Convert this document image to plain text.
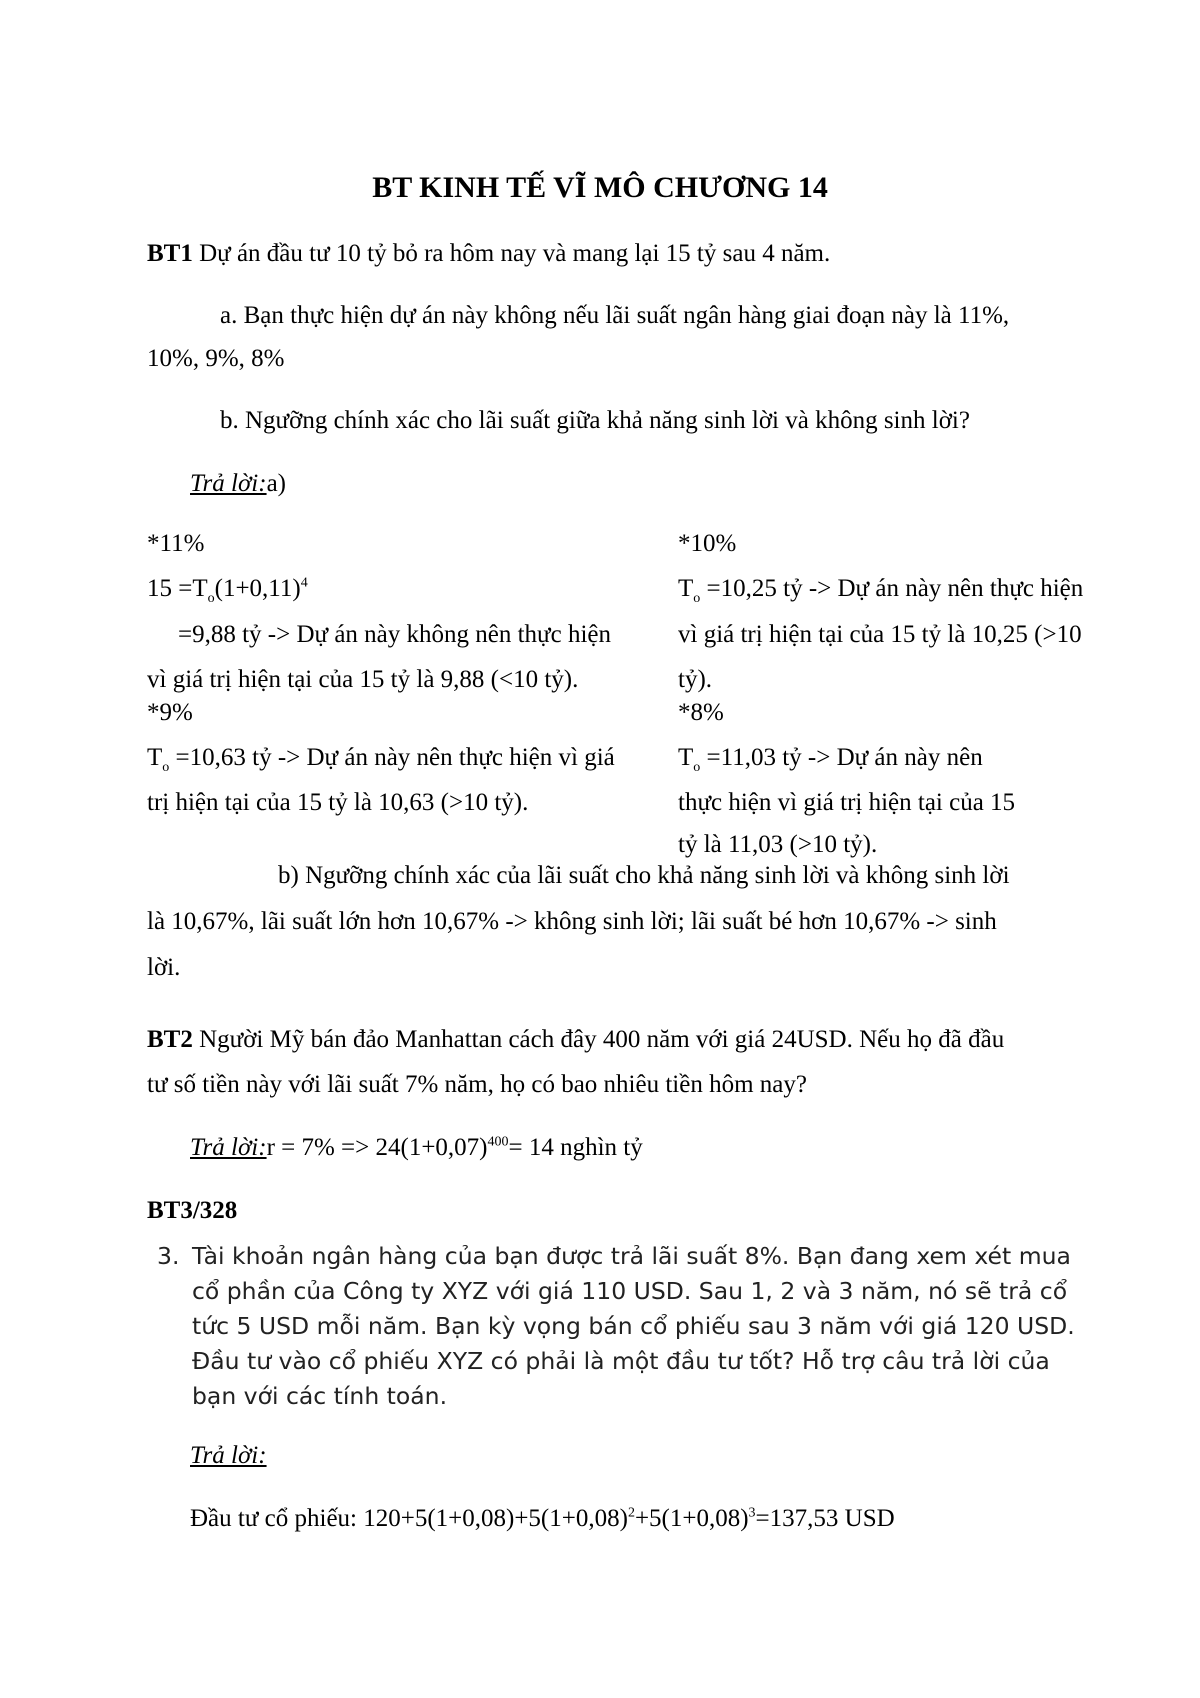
BT KINH TẾ VĨ MÔ CHƯƠNG 14
BT1 Dự án đầu tư 10 tỷ bỏ ra hôm nay và mang lại 15 tỷ sau 4 năm.
a. Bạn thực hiện dự án này không nếu lãi suất ngân hàng giai đoạn này là 11%,
10%, 9%, 8%
b. Ngưỡng chính xác cho lãi suất giữa khả năng sinh lời và không sinh lời?
Trả lời:a)
*11%
$15 =T_o(1+0,11)^4$
=9,88 tỷ -> Dự án này không nên thực hiện
vì giá trị hiện tại của 15 tỷ là 9,88 (<10 tỷ).
*9%
$T_o =10,63$ tỷ -> Dự án này nên thực hiện vì giá
trị hiện tại của 15 tỷ là 10,63 (>10 tỷ).
*10%
$T_o =10,25$ tỷ -> Dự án này nên thực hiện
vì giá trị hiện tại của 15 tỷ là 10,25 (>10
tỷ).
*8%
$T_o =11,03$ tỷ -> Dự án này nên
thực hiện vì giá trị hiện tại của 15
tỷ là 11,03 (>10 tỷ).
b) Ngưỡng chính xác của lãi suất cho khả năng sinh lời và không sinh lời
là 10,67%, lãi suất lớn hơn 10,67% -> không sinh lời; lãi suất bé hơn 10,67% -> sinh
lời.
BT2 Người Mỹ bán đảo Manhattan cách đây 400 năm với giá 24USD. Nếu họ đã đầu
tư số tiền này với lãi suất 7% năm, họ có bao nhiêu tiền hôm nay?
Trả lời:r = $7\% => 24(1+0,07)^{400}= 14$ nghìn tỷ
BT3/328
3. Tài khoản ngân hàng của bạn được trả lãi suất 8%. Bạn đang xem xét mua
cổ phần của Công ty XYZ với giá 110 USD. Sau 1, 2 và 3 năm, nó sẽ trả cổ
tức 5 USD mỗi năm. Bạn kỳ vọng bán cổ phiếu sau 3 năm với giá 120 USD.
Đầu tư vào cổ phiếu XYZ có phải là một đầu tư tốt? Hỗ trợ câu trả lời của
bạn với các tính toán.
Trả lời:
Đầu tư cổ phiếu: $120+5(1+0,08)+5(1+0,08)^2+5(1+0,08)^3=137,53$ USD
